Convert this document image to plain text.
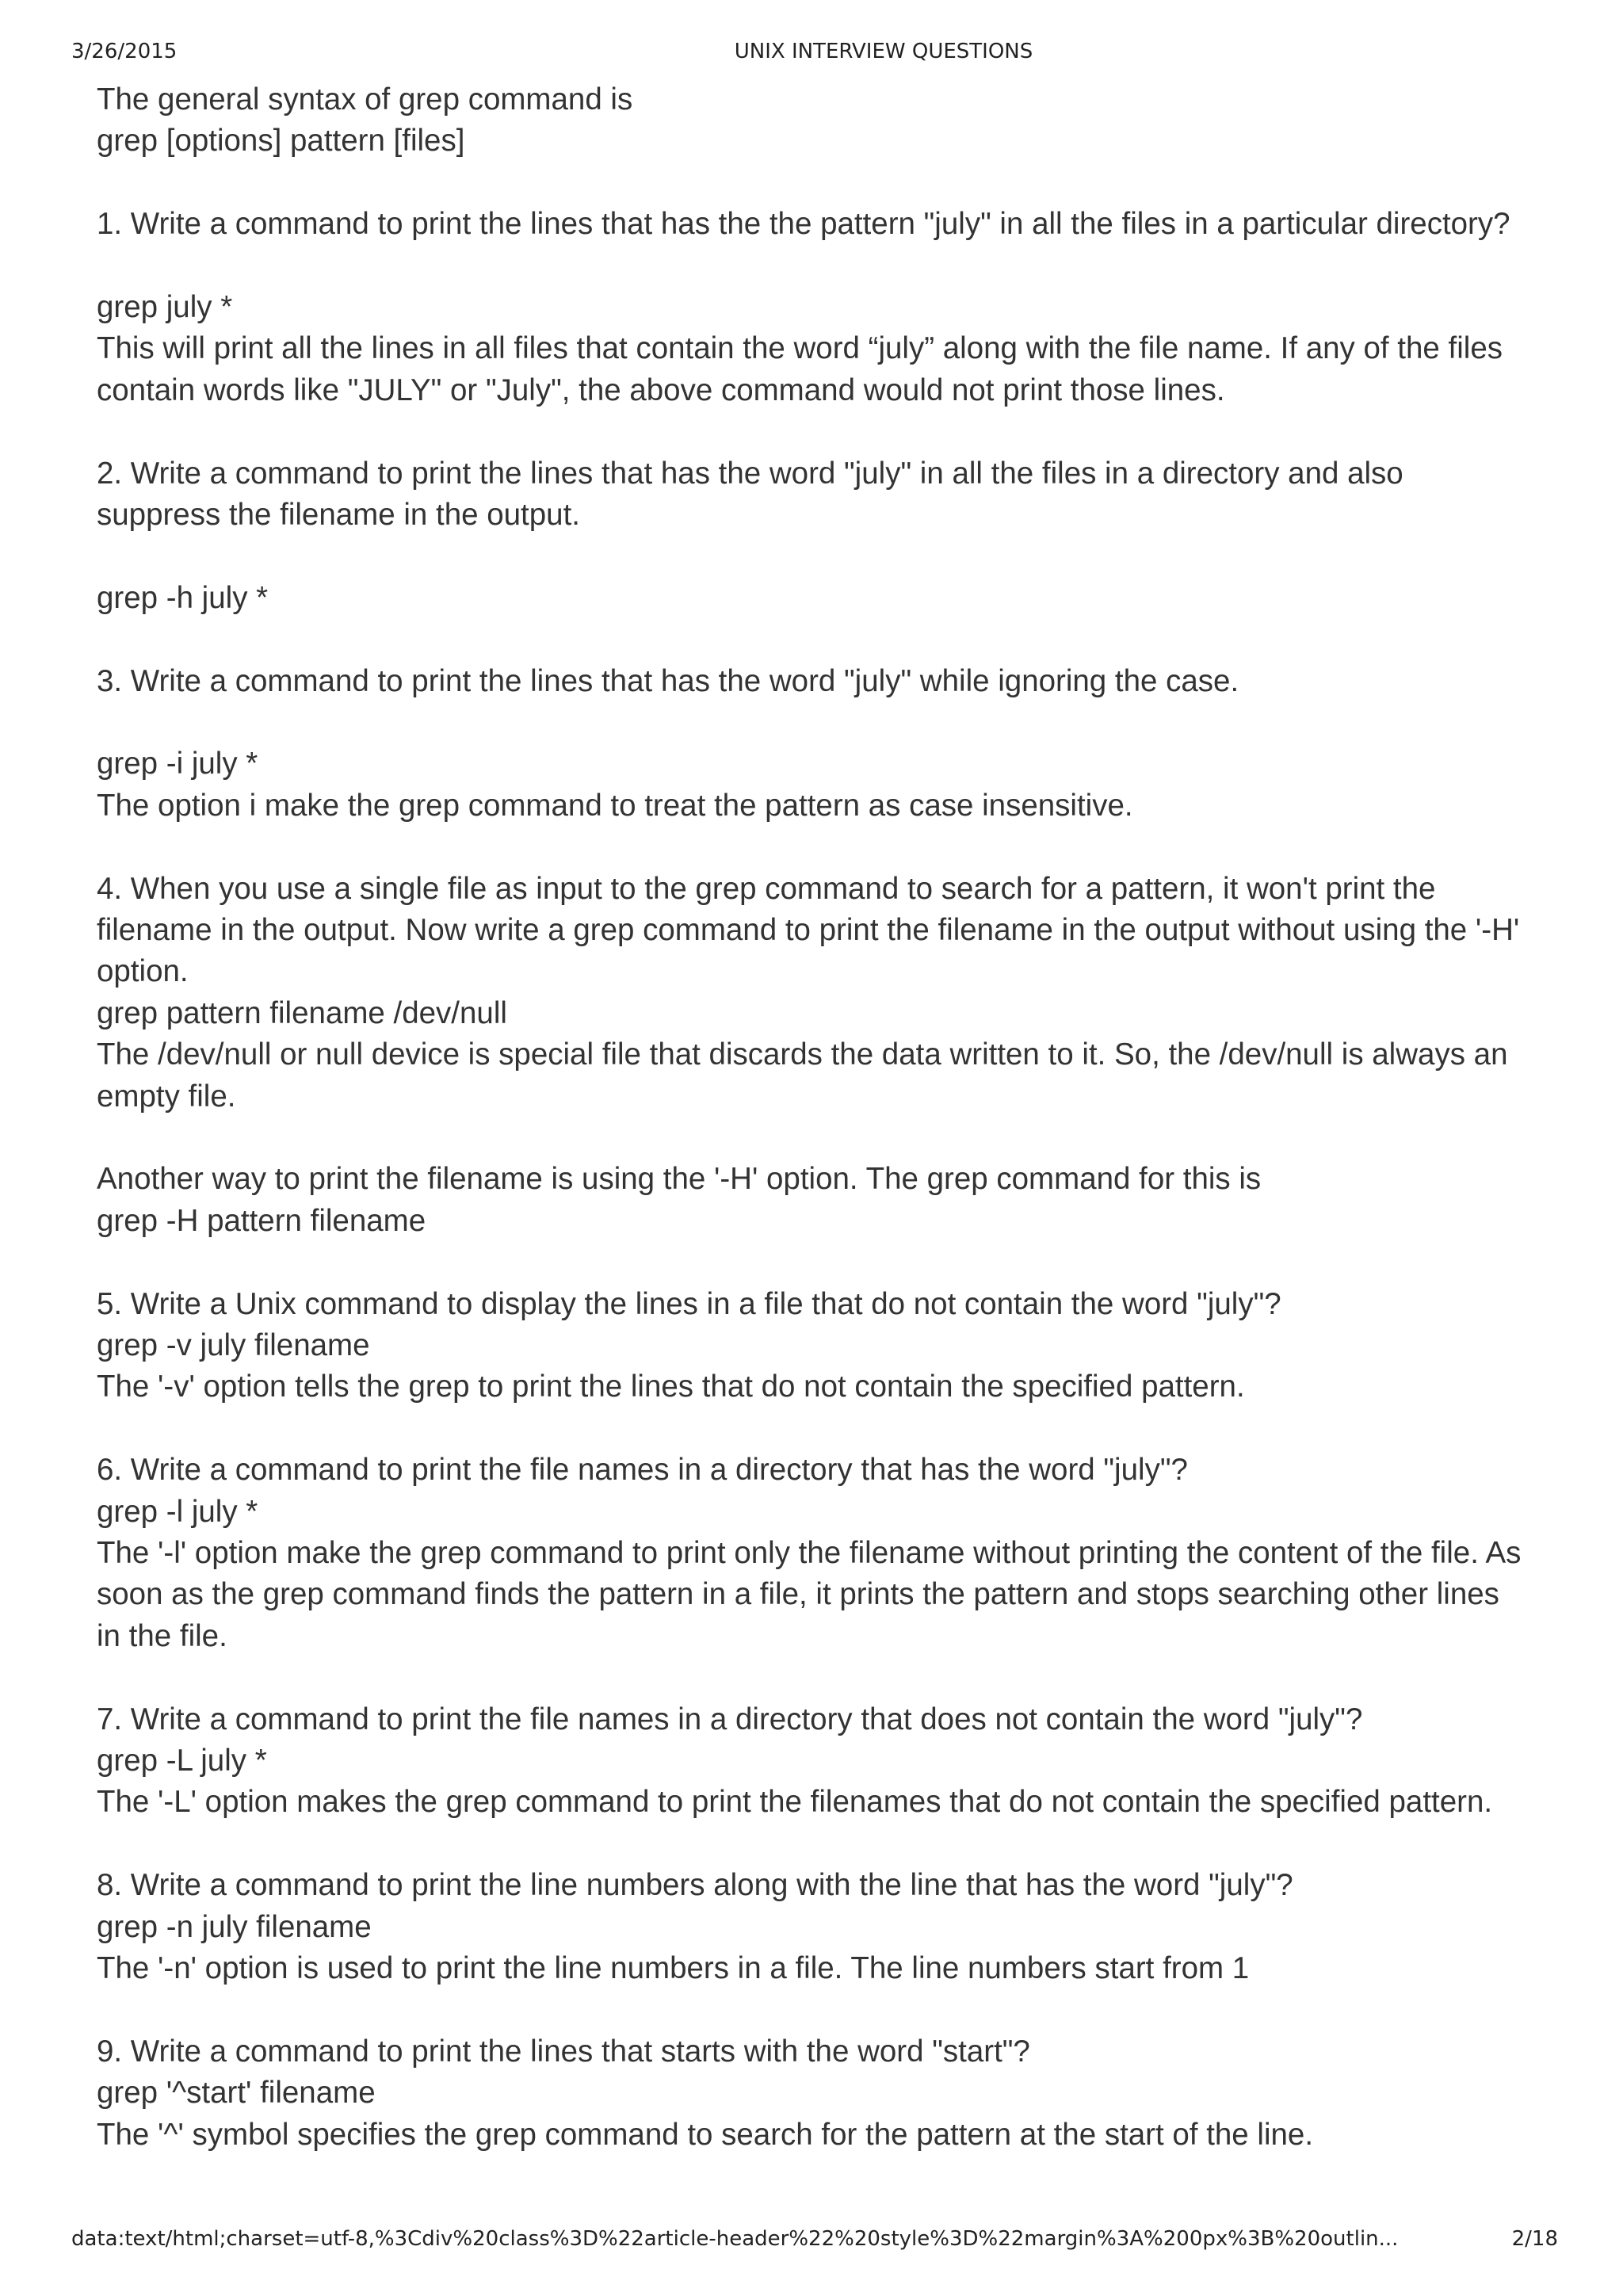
3/26/2015	UNIX INTERVIEW QUESTIONS
The general syntax of grep command is
grep [options] pattern [files]
1. Write a command to print the lines that has the the pattern "july" in all the files in a particular directory?
grep july *
This will print all the lines in all files that contain the word “july” along with the file name. If any of the files
contain words like "JULY" or "July", the above command would not print those lines.
2. Write a command to print the lines that has the word "july" in all the files in a directory and also
suppress the filename in the output.
grep -h july *
3. Write a command to print the lines that has the word "july" while ignoring the case.
grep -i july *
The option i make the grep command to treat the pattern as case insensitive.
4. When you use a single file as input to the grep command to search for a pattern, it won't print the
filename in the output. Now write a grep command to print the filename in the output without using the '-H'
option.
grep pattern filename /dev/null
The /dev/null or null device is special file that discards the data written to it. So, the /dev/null is always an
empty file.
Another way to print the filename is using the '-H' option. The grep command for this is
grep -H pattern filename
5. Write a Unix command to display the lines in a file that do not contain the word "july"?
grep -v july filename
The '-v' option tells the grep to print the lines that do not contain the specified pattern.
6. Write a command to print the file names in a directory that has the word "july"?
grep -l july *
The '-l' option make the grep command to print only the filename without printing the content of the file. As
soon as the grep command finds the pattern in a file, it prints the pattern and stops searching other lines
in the file.
7. Write a command to print the file names in a directory that does not contain the word "july"?
grep -L july *
The '-L' option makes the grep command to print the filenames that do not contain the specified pattern.
8. Write a command to print the line numbers along with the line that has the word "july"?
grep -n july filename
The '-n' option is used to print the line numbers in a file. The line numbers start from 1
9. Write a command to print the lines that starts with the word "start"?
grep '^start' filename
The '^' symbol specifies the grep command to search for the pattern at the start of the line.
data:text/html;charset=utf-8,%3Cdiv%20class%3D%22article-header%22%20style%3D%22margin%3A%200px%3B%20outlin...	2/18
